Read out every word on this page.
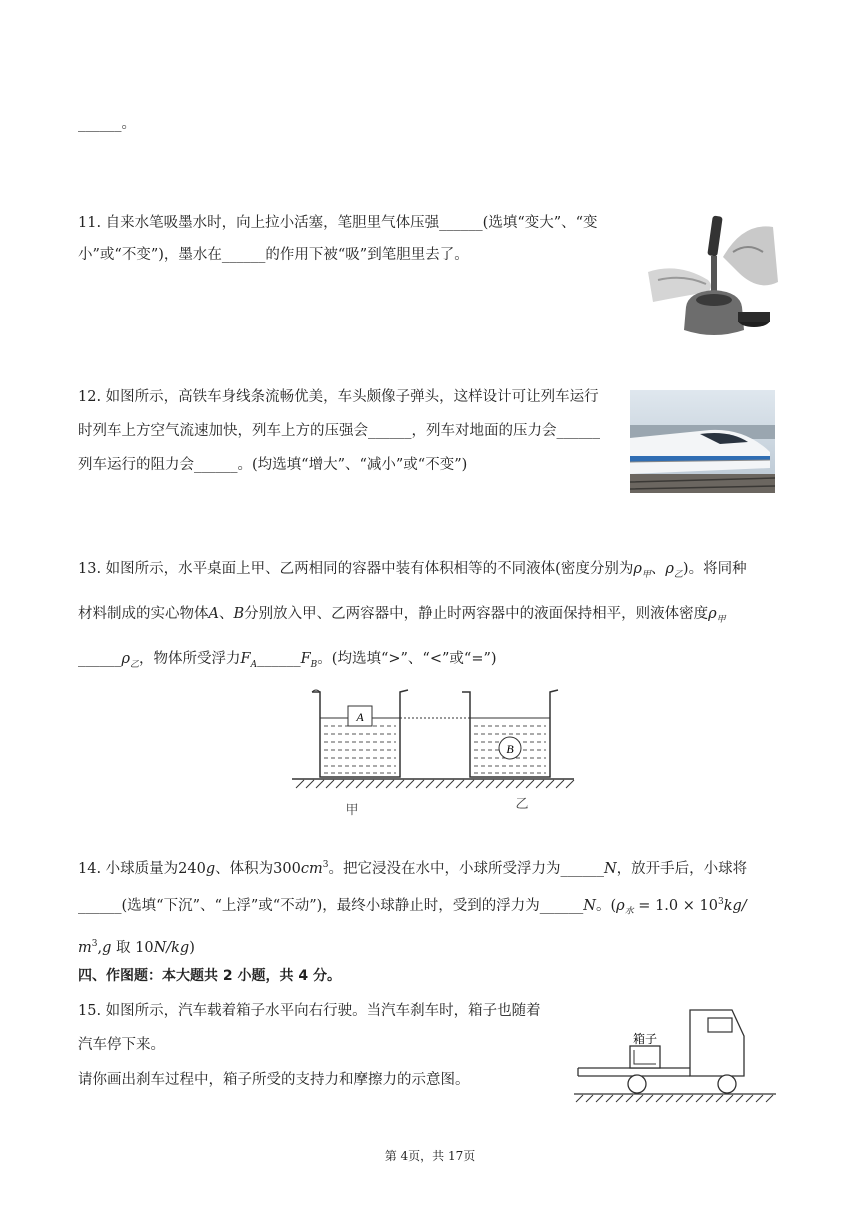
______。
11. 自来水笔吸墨水时，向上拉小活塞，笔胆里气体压强______(选填“变大”、“变
小”或“不变”)，墨水在______的作用下被“吸”到笔胆里去了。
12. 如图所示，高铁车身线条流畅优美，车头颇像子弹头，这样设计可让列车运行
时列车上方空气流速加快，列车上方的压强会______，列车对地面的压力会______
列车运行的阻力会______。(均选填“增大”、“减小”或“不变”)
13. 如图所示，水平桌面上甲、乙两相同的容器中装有体积相等的不同液体(密度分别为$\rho_甲$、$\rho_乙$)。将同种
材料制成的实心物体A、B分别放入甲、乙两容器中，静止时两容器中的液面保持相平，则液体密度$\rho_甲$
$\_\_\_\_\_\_\rho_乙$，物体所受浮力$F_A\_\_\_\_\_\_F_B$。(均选填“>”、“<”或“=”)
A
B
甲	乙
14. 小球质量为240g、体积为$300cm^3$。把它浸没在水中，小球所受浮力为______N，放开手后，小球将
______(选填“下沉”、“上浮”或“不动”)，最终小球静止时，受到的浮力为______N。($\rho_水 = 1.0 \times 10^3kg/$
$m^3,g$ 取 10N/kg)
四、作图题：本大题共 2 小题，共 4 分。
15. 如图所示，汽车载着箱子水平向右行驶。当汽车刹车时，箱子也随着
汽车停下来。
请你画出刹车过程中，箱子所受的支持力和摩擦力的示意图。
箱子
第 4页，共 17页
